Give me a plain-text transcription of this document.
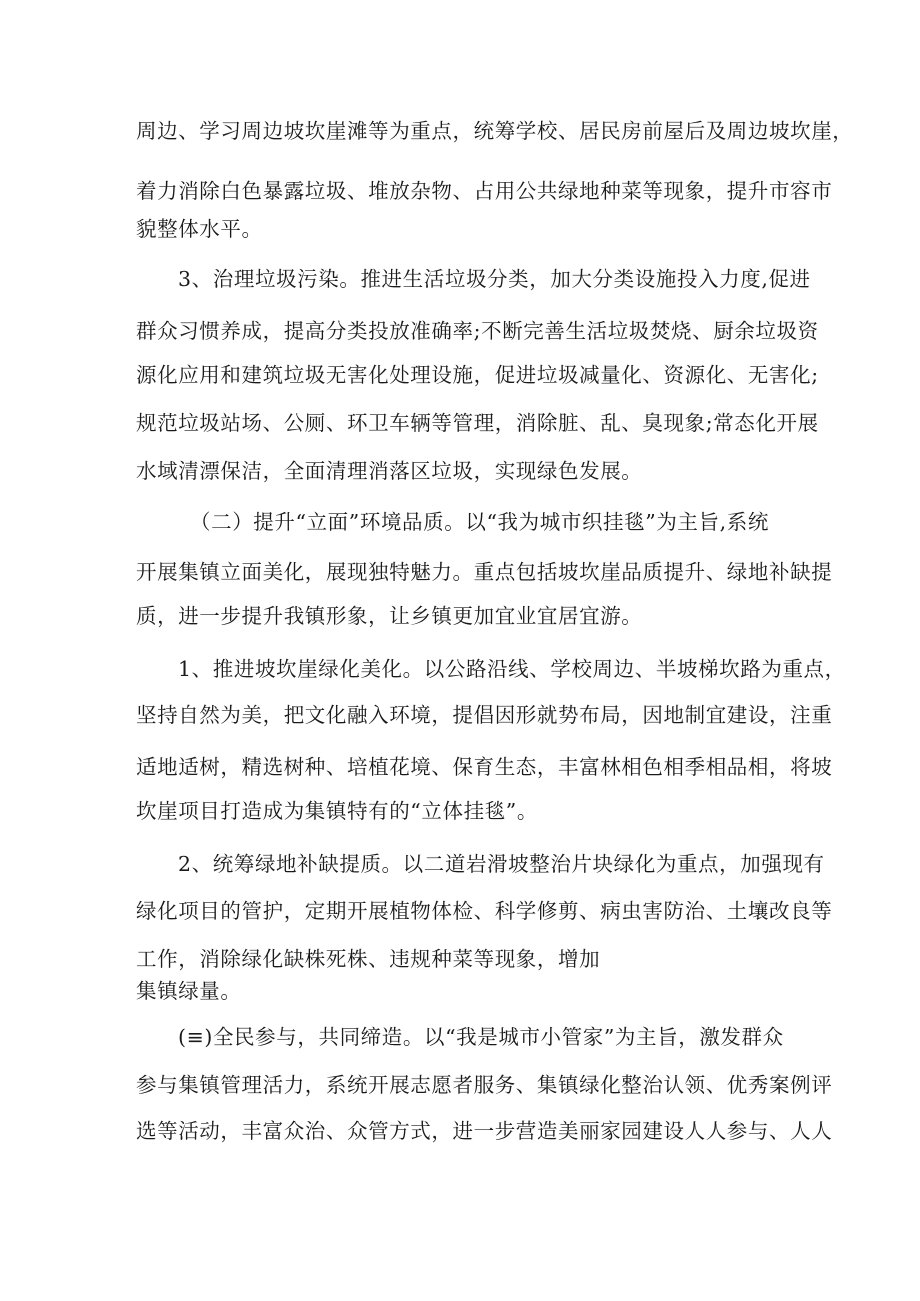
周边、学习周边坡坎崖滩等为重点，统筹学校、居民房前屋后及周边坡坎崖，
着力消除白色暴露垃圾、堆放杂物、占用公共绿地种菜等现象，提升市容市
貌整体水平。
3、治理垃圾污染。推进生活垃圾分类，加大分类设施投入力度,促进
群众习惯养成，提高分类投放准确率;不断完善生活垃圾焚烧、厨余垃圾资
源化应用和建筑垃圾无害化处理设施，促进垃圾减量化、资源化、无害化;
规范垃圾站场、公厕、环卫车辆等管理，消除脏、乱、臭现象;常态化开展
水域清漂保洁，全面清理消落区垃圾，实现绿色发展。
（二）提升“立面”环境品质。以“我为城市织挂毯”为主旨,系统
开展集镇立面美化，展现独特魅力。重点包括坡坎崖品质提升、绿地补缺提
质，进一步提升我镇形象，让乡镇更加宜业宜居宜游。
1、推进坡坎崖绿化美化。以公路沿线、学校周边、半坡梯坎路为重点，
坚持自然为美，把文化融入环境，提倡因形就势布局，因地制宜建设，注重
适地适树，精选树种、培植花境、保育生态，丰富林相色相季相品相，将坡
坎崖项目打造成为集镇特有的“立体挂毯”。
2、统筹绿地补缺提质。以二道岩滑坡整治片块绿化为重点，加强现有
绿化项目的管护，定期开展植物体检、科学修剪、病虫害防治、土壤改良等
工作，消除绿化缺株死株、违规种菜等现象，增加
集镇绿量。
(≡)全民参与，共同缔造。以“我是城市小管家”为主旨，激发群众
参与集镇管理活力，系统开展志愿者服务、集镇绿化整治认领、优秀案例评
选等活动，丰富众治、众管方式，进一步营造美丽家园建设人人参与、人人
